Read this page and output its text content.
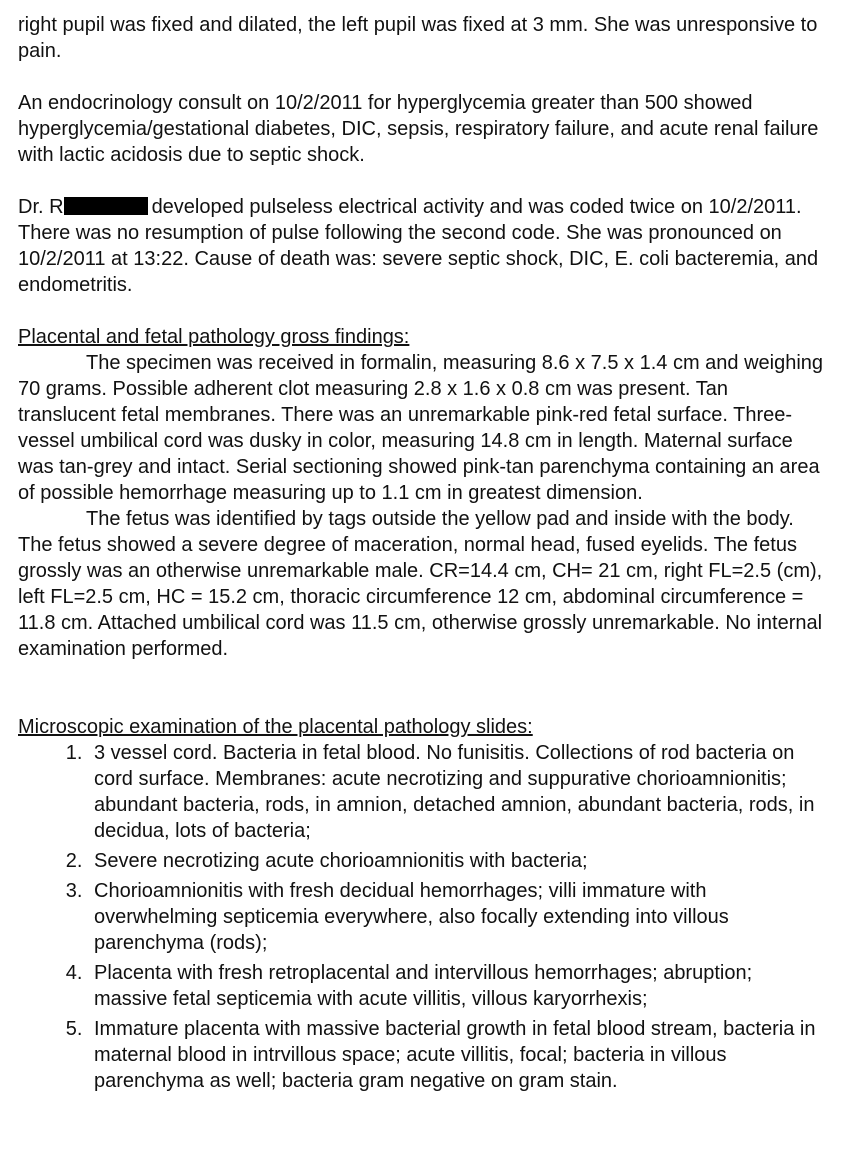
right pupil was fixed and dilated, the left pupil was fixed at 3 mm. She was unresponsive to pain.

An endocrinology consult on 10/2/2011 for hyperglycemia greater than 500 showed hyperglycemia/gestational diabetes, DIC, sepsis, respiratory failure, and acute renal failure with lactic acidosis due to septic shock.

Dr. R	developed pulseless electrical activity and was coded twice on 10/2/2011. There was no resumption of pulse following the second code. She was pronounced on 10/2/2011 at 13:22. Cause of death was: severe septic shock, DIC, E. coli bacteremia, and endometritis.

Placental and fetal pathology gross findings:

The specimen was received in formalin, measuring 8.6 x 7.5 x 1.4 cm and weighing 70 grams. Possible adherent clot measuring 2.8 x 1.6 x 0.8 cm was present. Tan translucent fetal membranes. There was an unremarkable pink-red fetal surface. Three-vessel umbilical cord was dusky in color, measuring 14.8 cm in length. Maternal surface was tan-grey and intact. Serial sectioning showed pink-tan parenchyma containing an area of possible hemorrhage measuring up to 1.1 cm in greatest dimension.

The fetus was identified by tags outside the yellow pad and inside with the body. The fetus showed a severe degree of maceration, normal head, fused eyelids. The fetus grossly was an otherwise unremarkable male. CR=14.4 cm, CH= 21 cm, right FL=2.5 (cm), left FL=2.5 cm, HC = 15.2 cm, thoracic circumference 12 cm, abdominal circumference = 11.8 cm. Attached umbilical cord was 11.5 cm, otherwise grossly unremarkable. No internal examination performed.

Microscopic examination of the placental pathology slides:

1. 3 vessel cord. Bacteria in fetal blood. No funisitis. Collections of rod bacteria on cord surface. Membranes: acute necrotizing and suppurative chorioamnionitis; abundant bacteria, rods, in amnion, detached amnion, abundant bacteria, rods, in decidua, lots of bacteria;
2. Severe necrotizing acute chorioamnionitis with bacteria;
3. Chorioamnionitis with fresh decidual hemorrhages; villi immature with overwhelming septicemia everywhere, also focally extending into villous parenchyma (rods);
4. Placenta with fresh retroplacental and intervillous hemorrhages; abruption; massive fetal septicemia with acute villitis, villous karyorrhexis;
5. Immature placenta with massive bacterial growth in fetal blood stream, bacteria in maternal blood in intrvillous space; acute villitis, focal; bacteria in villous parenchyma as well; bacteria gram negative on gram stain.
